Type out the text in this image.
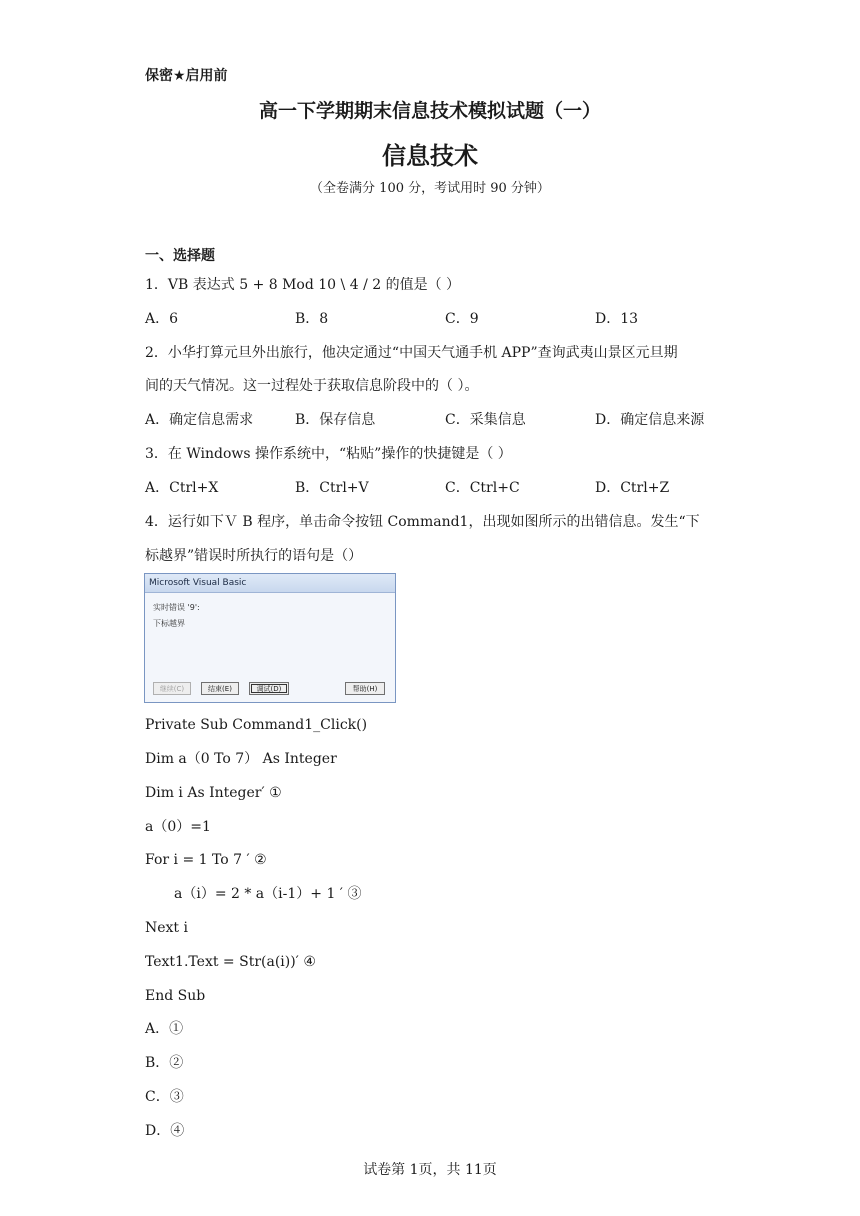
保密★启用前
高一下学期期末信息技术模拟试题（一）
信息技术
（全卷满分 100 分，考试用时 90 分钟）
一、选择题
1．VB 表达式 5 + 8 Mod 10 \ 4 / 2 的值是（ ）
A．6	B．8	C．9	D．13
2．小华打算元旦外出旅行，他决定通过“中国天气通手机 APP”查询武夷山景区元旦期
间的天气情况。这一过程处于获取信息阶段中的（ ）。
A．确定信息需求	B．保存信息	C．采集信息	D．确定信息来源
3．在 Windows 操作系统中，“粘贴”操作的快捷键是（ ）
A．Ctrl+X	B．Ctrl+V	C．Ctrl+C	D．Ctrl+Z
4．运行如下Ｖ B 程序，单击命令按钮 Command1，出现如图所示的出错信息。发生“下
标越界”错误时所执行的语句是（）
Microsoft Visual Basic
实时错误 '9':
下标越界
继续(C)	结束(E)	调试(D)	帮助(H)
Private Sub Command1_Click()
Dim a（0 To 7） As Integer
Dim i As Integer′ ①
a（0）=1
For i = 1 To 7 ′ ②
a（i）= 2 * a（i-1）+ 1 ′ ③
Next i
Text1.Text = Str(a(i))′ ④
End Sub
A．①
B．②
C．③
D．④
试卷第 1页，共 11页
